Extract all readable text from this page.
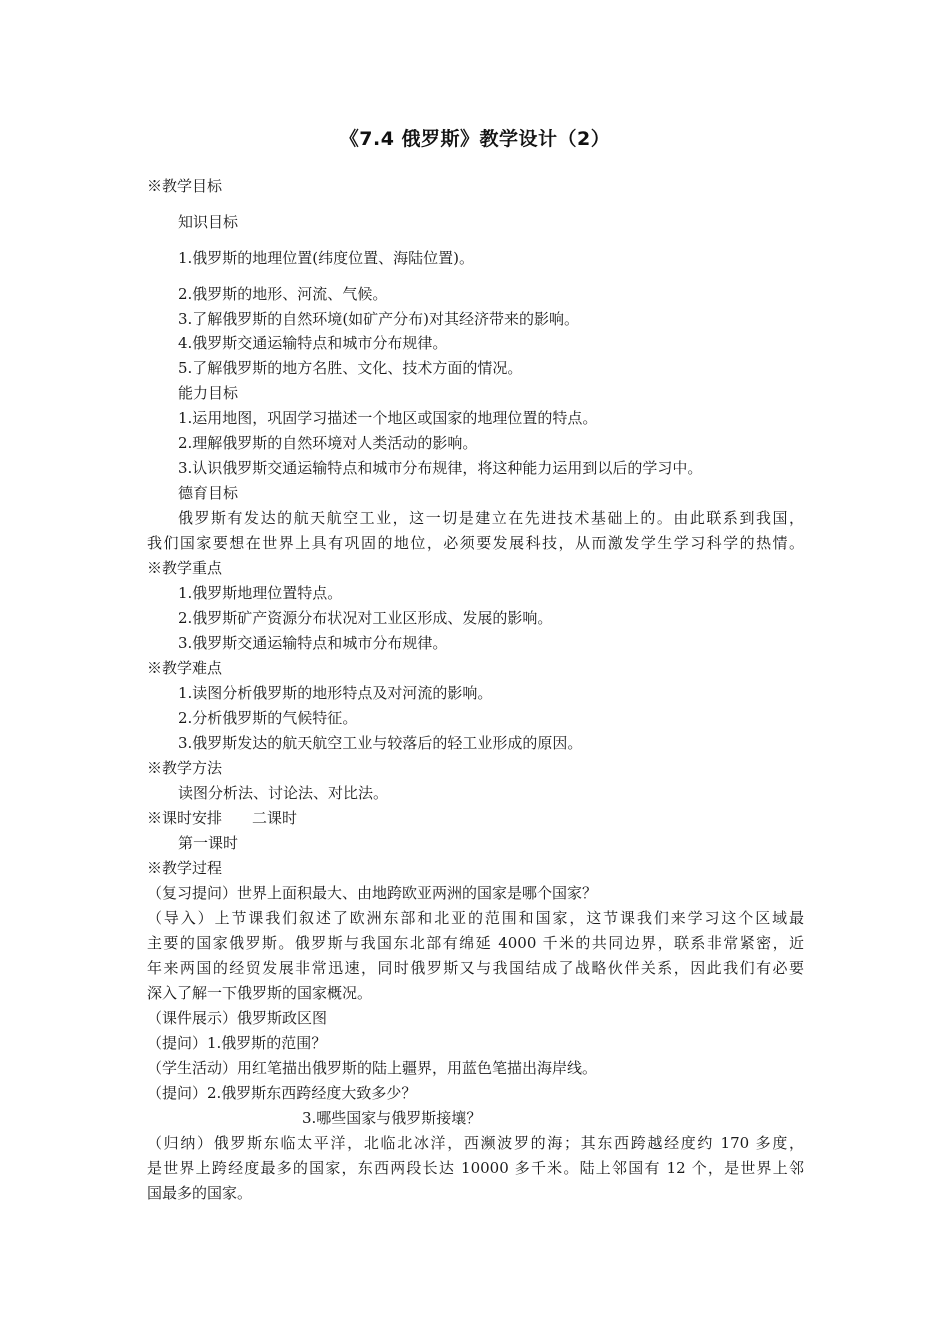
《7.4 俄罗斯》教学设计（2）
※教学目标
知识目标
1.俄罗斯的地理位置(纬度位置、海陆位置)。
2.俄罗斯的地形、河流、气候。
3.了解俄罗斯的自然环境(如矿产分布)对其经济带来的影响。
4.俄罗斯交通运输特点和城市分布规律。
5.了解俄罗斯的地方名胜、文化、技术方面的情况。
能力目标
1.运用地图，巩固学习描述一个地区或国家的地理位置的特点。
2.理解俄罗斯的自然环境对人类活动的影响。
3.认识俄罗斯交通运输特点和城市分布规律，将这种能力运用到以后的学习中。
德育目标
俄罗斯有发达的航天航空工业，这一切是建立在先进技术基础上的。由此联系到我国，
我们国家要想在世界上具有巩固的地位，必须要发展科技，从而激发学生学习科学的热情。
※教学重点
1.俄罗斯地理位置特点。
2.俄罗斯矿产资源分布状况对工业区形成、发展的影响。
3.俄罗斯交通运输特点和城市分布规律。
※教学难点
1.读图分析俄罗斯的地形特点及对河流的影响。
2.分析俄罗斯的气候特征。
3.俄罗斯发达的航天航空工业与较落后的轻工业形成的原因。
※教学方法
读图分析法、讨论法、对比法。
※课时安排　　二课时
第一课时
※教学过程
（复习提问）世界上面积最大、由地跨欧亚两洲的国家是哪个国家？
（导入）上节课我们叙述了欧洲东部和北亚的范围和国家，这节课我们来学习这个区域最
主要的国家俄罗斯。俄罗斯与我国东北部有绵延 4000 千米的共同边界，联系非常紧密，近
年来两国的经贸发展非常迅速，同时俄罗斯又与我国结成了战略伙伴关系，因此我们有必要
深入了解一下俄罗斯的国家概况。
（课件展示）俄罗斯政区图
（提问）1.俄罗斯的范围？
（学生活动）用红笔描出俄罗斯的陆上疆界，用蓝色笔描出海岸线。
（提问）2.俄罗斯东西跨经度大致多少？
3.哪些国家与俄罗斯接壤？
（归纳）俄罗斯东临太平洋，北临北冰洋，西濒波罗的海；其东西跨越经度约 170 多度，
是世界上跨经度最多的国家，东西两段长达 10000 多千米。陆上邻国有 12 个，是世界上邻
国最多的国家。
